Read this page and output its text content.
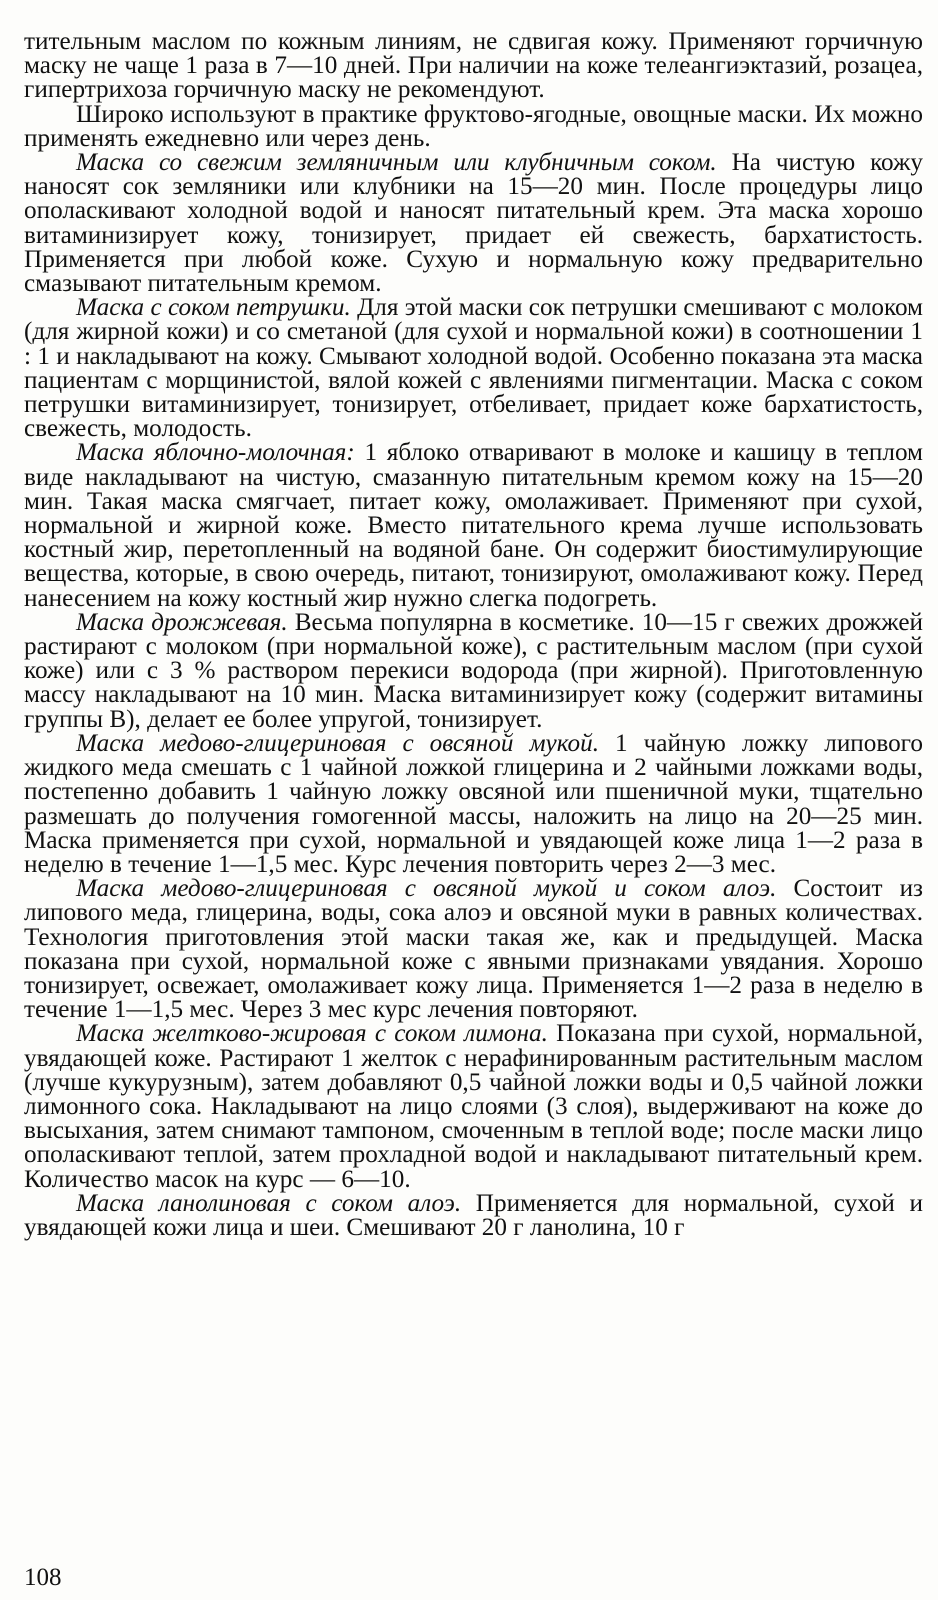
тительным маслом по кожным линиям, не сдвигая кожу. Применяют горчичную маску не чаще 1 раза в 7—10 дней. При наличии на коже телеангиэктазий, розацеа, гипертрихоза горчичную маску не рекомендуют.

Широко используют в практике фруктово-ягодные, овощные маски. Их можно применять ежедневно или через день.

Маска со свежим земляничным или клубничным соком. На чистую кожу наносят сок земляники или клубники на 15—20 мин. После процедуры лицо ополаскивают холодной водой и наносят питательный крем. Эта маска хорошо витаминизирует кожу, тонизирует, придает ей свежесть, бархатистость. Применяется при любой коже. Сухую и нормальную кожу предварительно смазывают питательным кремом.

Маска с соком петрушки. Для этой маски сок петрушки смешивают с молоком (для жирной кожи) и со сметаной (для сухой и нормальной кожи) в соотношении 1 : 1 и накладывают на кожу. Смывают холодной водой. Особенно показана эта маска пациентам с морщинистой, вялой кожей с явлениями пигментации. Маска с соком петрушки витаминизирует, тонизирует, отбеливает, придает коже бархатистость, свежесть, молодость.

Маска яблочно-молочная: 1 яблоко отваривают в молоке и кашицу в теплом виде накладывают на чистую, смазанную питательным кремом кожу на 15—20 мин. Такая маска смягчает, питает кожу, омолаживает. Применяют при сухой, нормальной и жирной коже. Вместо питательного крема лучше использовать костный жир, перетопленный на водяной бане. Он содержит биостимулирующие вещества, которые, в свою очередь, питают, тонизируют, омолаживают кожу. Перед нанесением на кожу костный жир нужно слегка подогреть.

Маска дрожжевая. Весьма популярна в косметике. 10—15 г свежих дрожжей растирают с молоком (при нормальной коже), с растительным маслом (при сухой коже) или с 3 % раствором перекиси водорода (при жирной). Приготовленную массу накладывают на 10 мин. Маска витаминизирует кожу (содержит витамины группы В), делает ее более упругой, тонизирует.

Маска медово-глицериновая с овсяной мукой. 1 чайную ложку липового жидкого меда смешать с 1 чайной ложкой глицерина и 2 чайными ложками воды, постепенно добавить 1 чайную ложку овсяной или пшеничной муки, тщательно размешать до получения гомогенной массы, наложить на лицо на 20—25 мин. Маска применяется при сухой, нормальной и увядающей коже лица 1—2 раза в неделю в течение 1—1,5 мес. Курс лечения повторить через 2—3 мес.

Маска медово-глицериновая с овсяной мукой и соком алоэ. Состоит из липового меда, глицерина, воды, сока алоэ и овсяной муки в равных количествах. Технология приготовления этой маски такая же, как и предыдущей. Маска показана при сухой, нормальной коже с явными признаками увядания. Хорошо тонизирует, освежает, омолаживает кожу лица. Применяется 1—2 раза в неделю в течение 1—1,5 мес. Через 3 мес курс лечения повторяют.

Маска желтково-жировая с соком лимона. Показана при сухой, нормальной, увядающей коже. Растирают 1 желток с нерафинированным растительным маслом (лучше кукурузным), затем добавляют 0,5 чайной ложки воды и 0,5 чайной ложки лимонного сока. Накладывают на лицо слоями (3 слоя), выдерживают на коже до высыхания, затем снимают тампоном, смоченным в теплой воде; после маски лицо ополаскивают теплой, затем прохладной водой и накладывают питательный крем. Количество масок на курс — 6—10.

Маска ланолиновая с соком алоэ. Применяется для нормальной, сухой и увядающей кожи лица и шеи. Смешивают 20 г ланолина, 10 г

108
